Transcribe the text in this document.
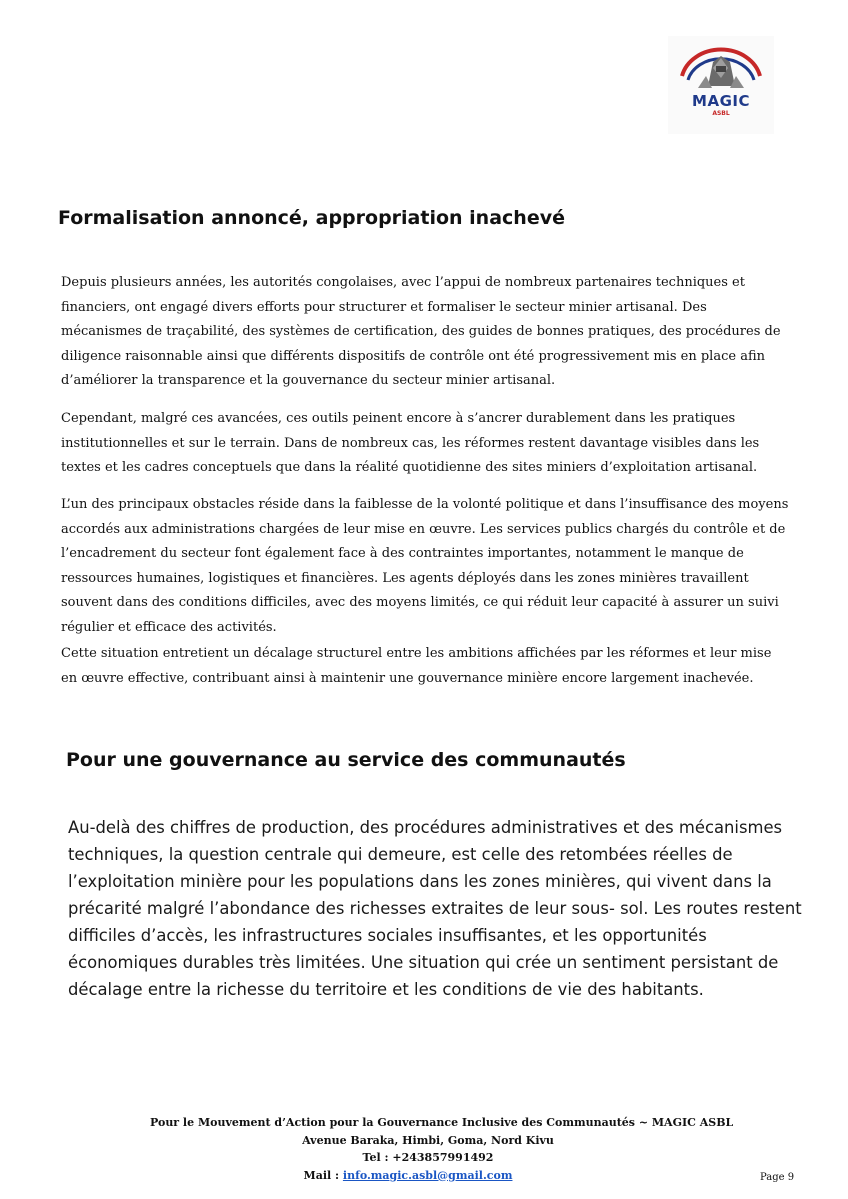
MAGIC
ASBL
Formalisation annoncé, appropriation inachevé

Depuis plusieurs années, les autorités congolaises, avec l’appui de nombreux partenaires techniques et financiers, ont engagé divers efforts pour structurer et formaliser le secteur minier artisanal. Des mécanismes de traçabilité, des systèmes de certification, des guides de bonnes pratiques, des procédures de diligence raisonnable ainsi que différents dispositifs de contrôle ont été progressivement mis en place afin d’améliorer la transparence et la gouvernance du secteur minier artisanal.

Cependant, malgré ces avancées, ces outils peinent encore à s’ancrer durablement dans les pratiques institutionnelles et sur le terrain. Dans de nombreux cas, les réformes restent davantage visibles dans les textes et les cadres conceptuels que dans la réalité quotidienne des sites miniers d’exploitation artisanal.

L’un des principaux obstacles réside dans la faiblesse de la volonté politique et dans l’insuffisance des moyens accordés aux administrations chargées de leur mise en œuvre. Les services publics chargés du contrôle et de l’encadrement du secteur font également face à des contraintes importantes, notamment le manque de ressources humaines, logistiques et financières. Les agents déployés dans les zones minières travaillent souvent dans des conditions difficiles, avec des moyens limités, ce qui réduit leur capacité à assurer un suivi régulier et efficace des activités.

Cette situation entretient un décalage structurel entre les ambitions affichées par les réformes et leur mise en œuvre effective, contribuant ainsi à maintenir une gouvernance minière encore largement inachevée.

Pour une gouvernance au service des communautés

Au-delà des chiffres de production, des procédures administratives et des mécanismes techniques, la question centrale qui demeure, est celle des retombées réelles de l’exploitation minière pour les populations dans les zones minières, qui vivent dans la précarité malgré l’abondance des richesses extraites de leur sous- sol. Les routes restent difficiles d’accès, les infrastructures sociales insuffisantes, et les opportunités économiques durables très limitées. Une situation qui crée un sentiment persistant de décalage entre la richesse du territoire et les conditions de vie des habitants.

Pour le Mouvement d’Action pour la Gouvernance Inclusive des Communautés ~ MAGIC ASBL
Avenue Baraka, Himbi, Goma, Nord Kivu
Tel : +243857991492
Mail : info.magic.asbl@gmail.com	Page 9
